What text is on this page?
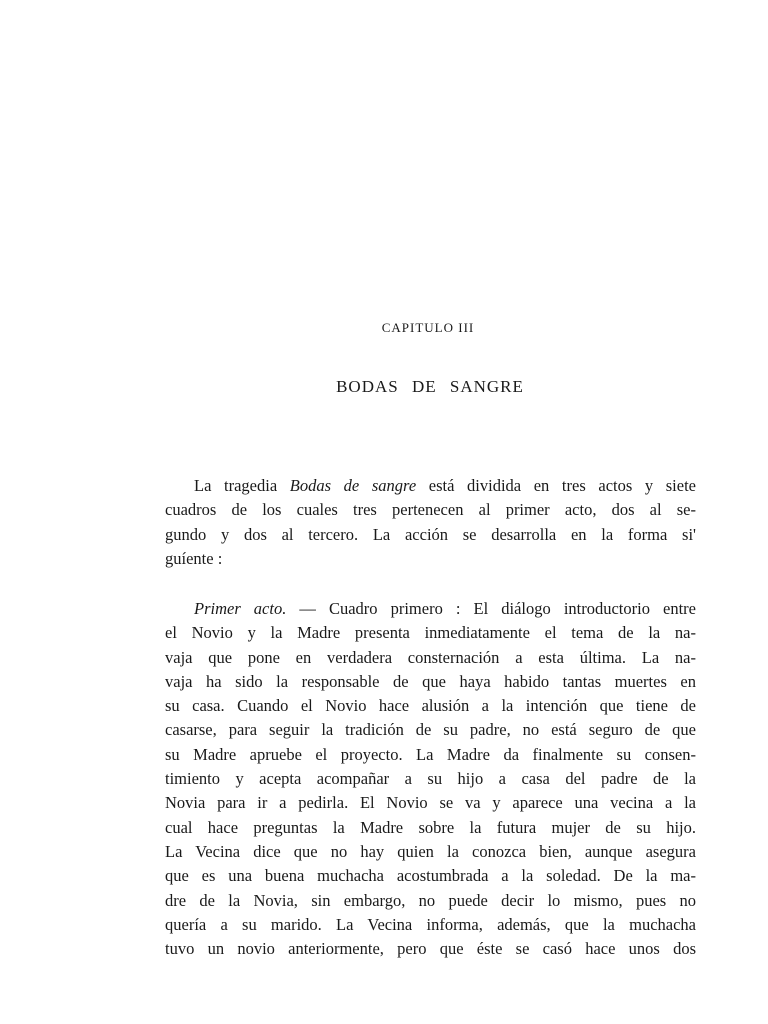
CAPITULO III
BODAS DE SANGRE
La tragedia Bodas de sangre está dividida en tres actos y siete
cuadros de los cuales tres pertenecen al primer acto, dos al se-
gundo y dos al tercero. La acción se desarrolla en la forma si'
guíente :
Primer acto. — Cuadro primero : El diálogo introductorio entre
el Novio y la Madre presenta inmediatamente el tema de la na-
vaja que pone en verdadera consternación a esta última. La na-
vaja ha sido la responsable de que haya habido tantas muertes en
su casa. Cuando el Novio hace alusión a la intención que tiene de
casarse, para seguir la tradición de su padre, no está seguro de que
su Madre apruebe el proyecto. La Madre da finalmente su consen-
timiento y acepta acompañar a su hijo a casa del padre de la
Novia para ir a pedirla. El Novio se va y aparece una vecina a la
cual hace preguntas la Madre sobre la futura mujer de su hijo.
La Vecina dice que no hay quien la conozca bien, aunque asegura
que es una buena muchacha acostumbrada a la soledad. De la ma-
dre de la Novia, sin embargo, no puede decir lo mismo, pues no
quería a su marido. La Vecina informa, además, que la muchacha
tuvo un novio anteriormente, pero que éste se casó hace unos dos
